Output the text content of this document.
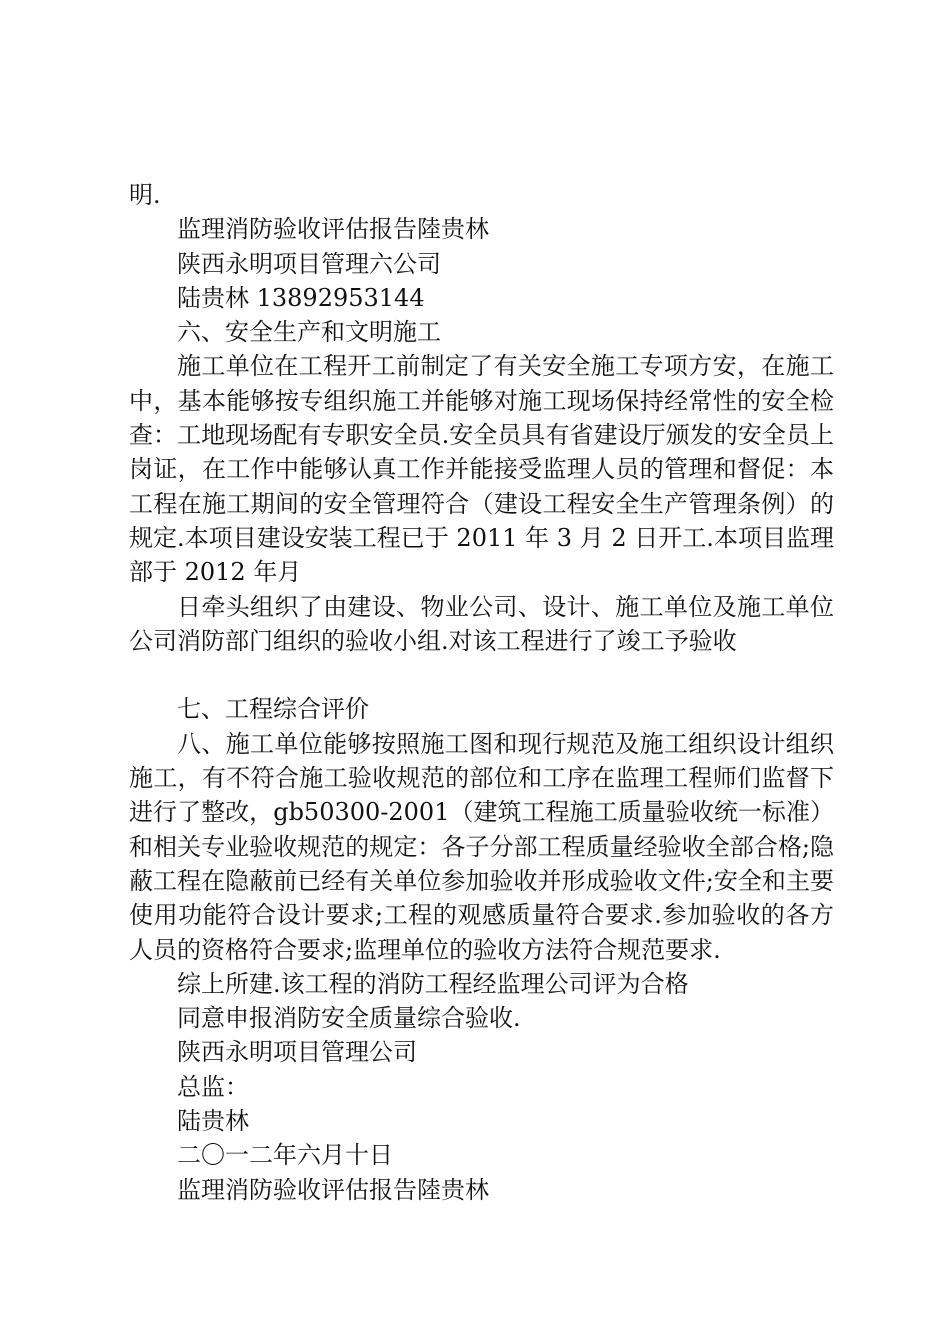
明.

监理消防验收评估报告陸贵林

陕西永明项目管理六公司

陆贵林 13892953144

六、安全生产和文明施工

施工单位在工程开工前制定了有关安全施工专项方安，在施工中，基本能够按专组织施工并能够对施工现场保持经常性的安全检查：工地现场配有专职安全员.安全员具有省建设厅颁发的安全员上岗证，在工作中能够认真工作并能接受监理人员的管理和督促：本工程在施工期间的安全管理符合（建设工程安全生产管理条例）的规定.本项目建设安装工程已于 2011 年 3 月 2 日开工.本项目监理部于 2012 年月

日牵头组织了由建设、物业公司、设计、施工单位及施工单位公司消防部门组织的验收小组.对该工程进行了竣工予验收

七、工程综合评价

八、施工单位能够按照施工图和现行规范及施工组织设计组织施工，有不符合施工验收规范的部位和工序在监理工程师们监督下进行了整改，gb50300-2001（建筑工程施工质量验收统一标准）和相关专业验收规范的规定：各子分部工程质量经验收全部合格;隐蔽工程在隐蔽前已经有关单位参加验收并形成验收文件;安全和主要使用功能符合设计要求;工程的观感质量符合要求.参加验收的各方人员的资格符合要求;监理单位的验收方法符合规范要求.

综上所建.该工程的消防工程经监理公司评为合格

同意申报消防安全质量综合验收.

陕西永明项目管理公司

总监：

陆贵林

二〇一二年六月十日

监理消防验收评估报告陸贵林
